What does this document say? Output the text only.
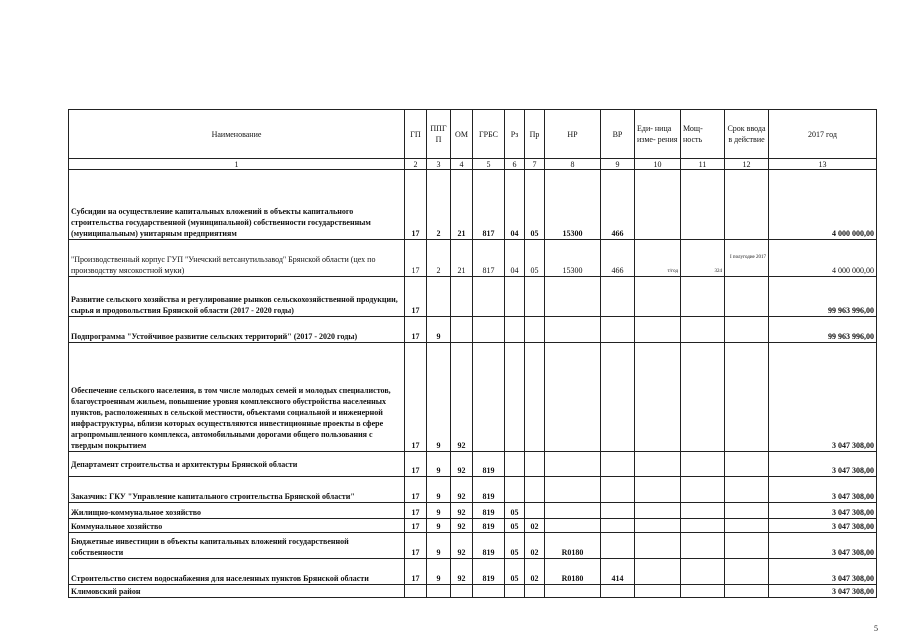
Наименование	ГП	ППГ П	ОМ	ГРБС	Рз	Пр	НР	ВР	Еди- ница изме- рения	Мощ- ность	Срок ввода в действие	2017 год
1	2	3	4	5	6	7	8	9	10	11	12	13
Субсидии на осуществление капитальных вложений в объекты капитального строительства государственной (муниципальной) собственности государственным (муниципальным) унитарным предприятиям	17	2	21	817	04	05	15300	466				4 000 000,00
"Производственный корпус ГУП "Унечский ветсанутильзавод" Брянской области (цех по производству мясокостной муки)	17	2	21	817	04	05	15300	466	т/год	324	I полугодие 2017	4 000 000,00
Развитие сельского хозяйства и регулирование рынков сельскохозяйственной продукции, сырья и продовольствия Брянской области (2017 - 2020 годы)	17											99 963 996,00
Подпрограмма "Устойчивое развитие сельских территорий" (2017 - 2020 годы)	17	9										99 963 996,00
Обеспечение сельского населения, в том числе молодых семей и молодых специалистов, благоустроенным жильем, повышение уровня комплексного обустройства населенных пунктов, расположенных в сельской местности, объектами социальной и инженерной инфраструктуры, вблизи которых осуществляются инвестиционные проекты в сфере агропромышленного комплекса, автомобильными дорогами общего пользования с твердым покрытием	17	9	92									3 047 308,00
Департамент строительства и архитектуры Брянской области	17	9	92	819								3 047 308,00
Заказчик: ГКУ "Управление капитального строительства Брянской области"	17	9	92	819								3 047 308,00
Жилищно-коммунальное хозяйство	17	9	92	819	05							3 047 308,00
Коммунальное хозяйство	17	9	92	819	05	02						3 047 308,00
Бюджетные инвестиции в объекты капитальных вложений государственной собственности	17	9	92	819	05	02	R0180					3 047 308,00
Строительство систем водоснабжения для населенных пунктов Брянской области	17	9	92	819	05	02	R0180	414				3 047 308,00
Климовский район												3 047 308,00
5
